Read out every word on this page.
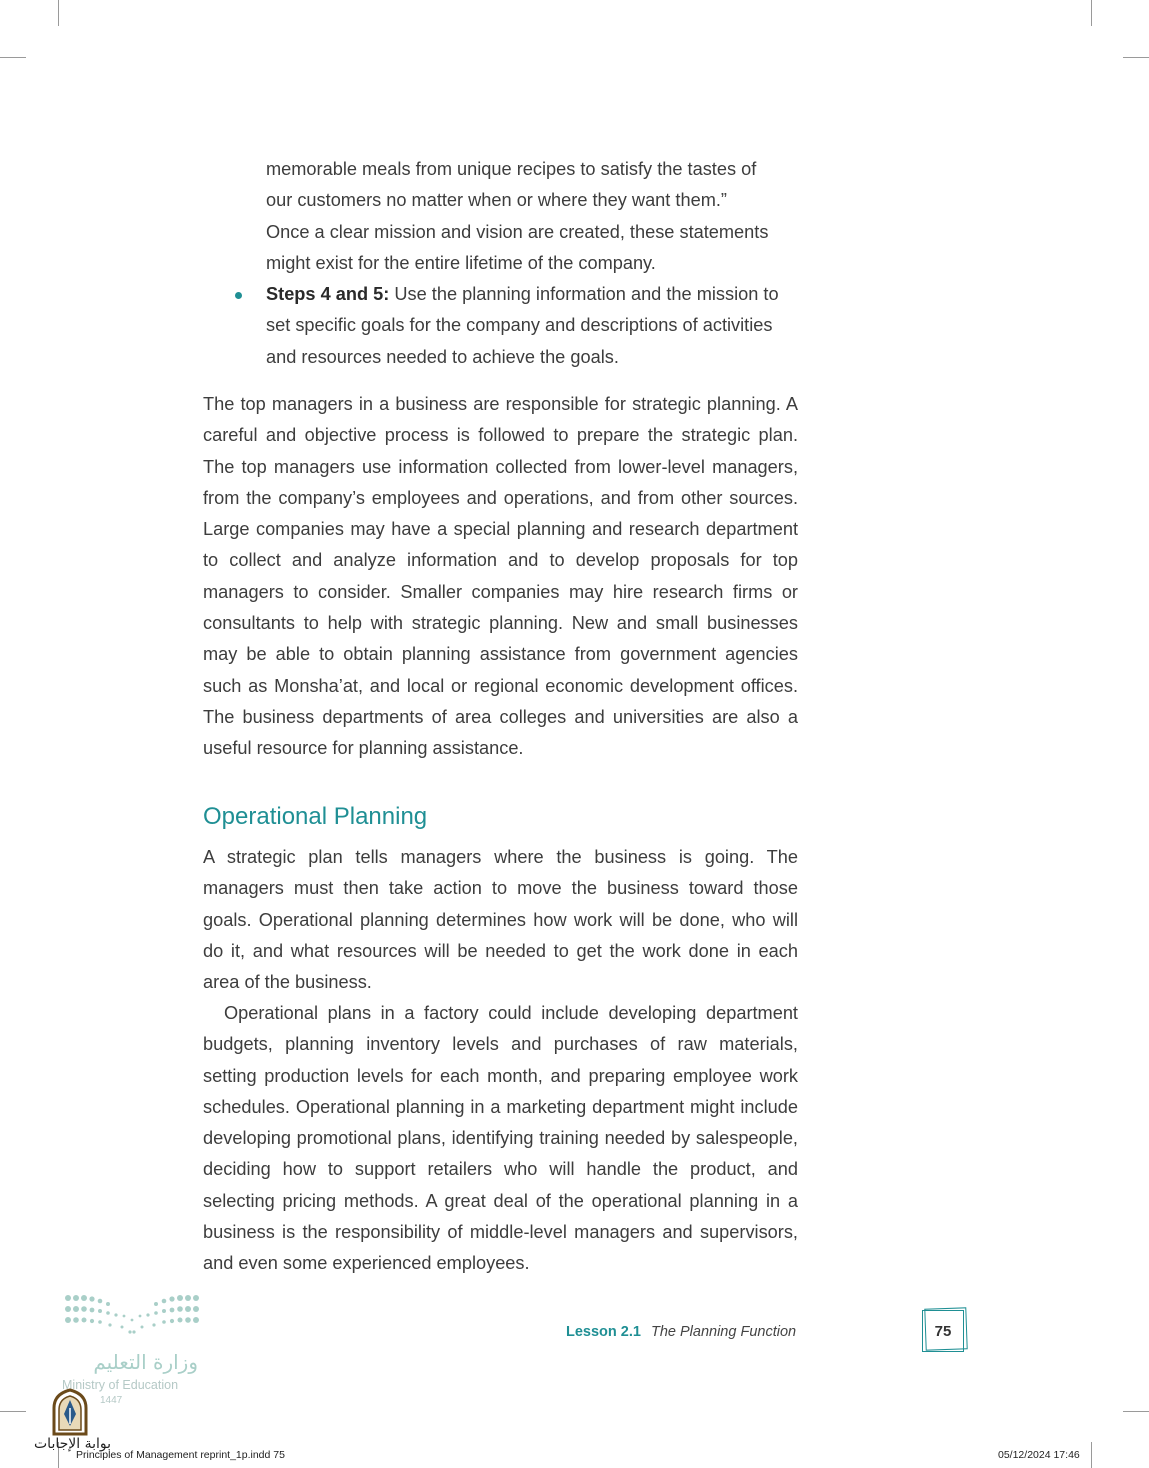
memorable meals from unique recipes to satisfy the tastes of
our customers no matter when or where they want them.”
Once a clear mission and vision are created, these statements
might exist for the entire lifetime of the company.

Steps 4 and 5: Use the planning information and the mission to set specific goals for the company and descriptions of activities and resources needed to achieve the goals.

The top managers in a business are responsible for strategic planning. A careful and objective process is followed to prepare the strategic plan. The top managers use information collected from lower-level managers, from the company’s employees and operations, and from other sources. Large companies may have a special planning and research department to collect and analyze information and to develop proposals for top managers to consider. Smaller companies may hire research firms or consultants to help with strategic planning. New and small businesses may be able to obtain planning assistance from government agencies such as Monsha’at, and local or regional economic development offices. The business departments of area colleges and universities are also a useful resource for planning assistance.

Operational Planning

A strategic plan tells managers where the business is going. The managers must then take action to move the business toward those goals. Operational planning determines how work will be done, who will do it, and what resources will be needed to get the work done in each area of the business.

Operational plans in a factory could include developing department budgets, planning inventory levels and purchases of raw materials, setting production levels for each month, and preparing employee work schedules. Operational planning in a marketing department might include developing promotional plans, identifying training needed by salespeople, deciding how to support retailers who will handle the product, and selecting pricing methods. A great deal of the operational planning in a business is the responsibility of middle-level managers and supervisors, and even some experienced employees.

وزارة التعليم
Ministry of Education
1447
Lesson 2.1 The Planning Function	75
بوابة الإجابات
Principles of Management reprint_1p.indd 75	05/12/2024 17:46
